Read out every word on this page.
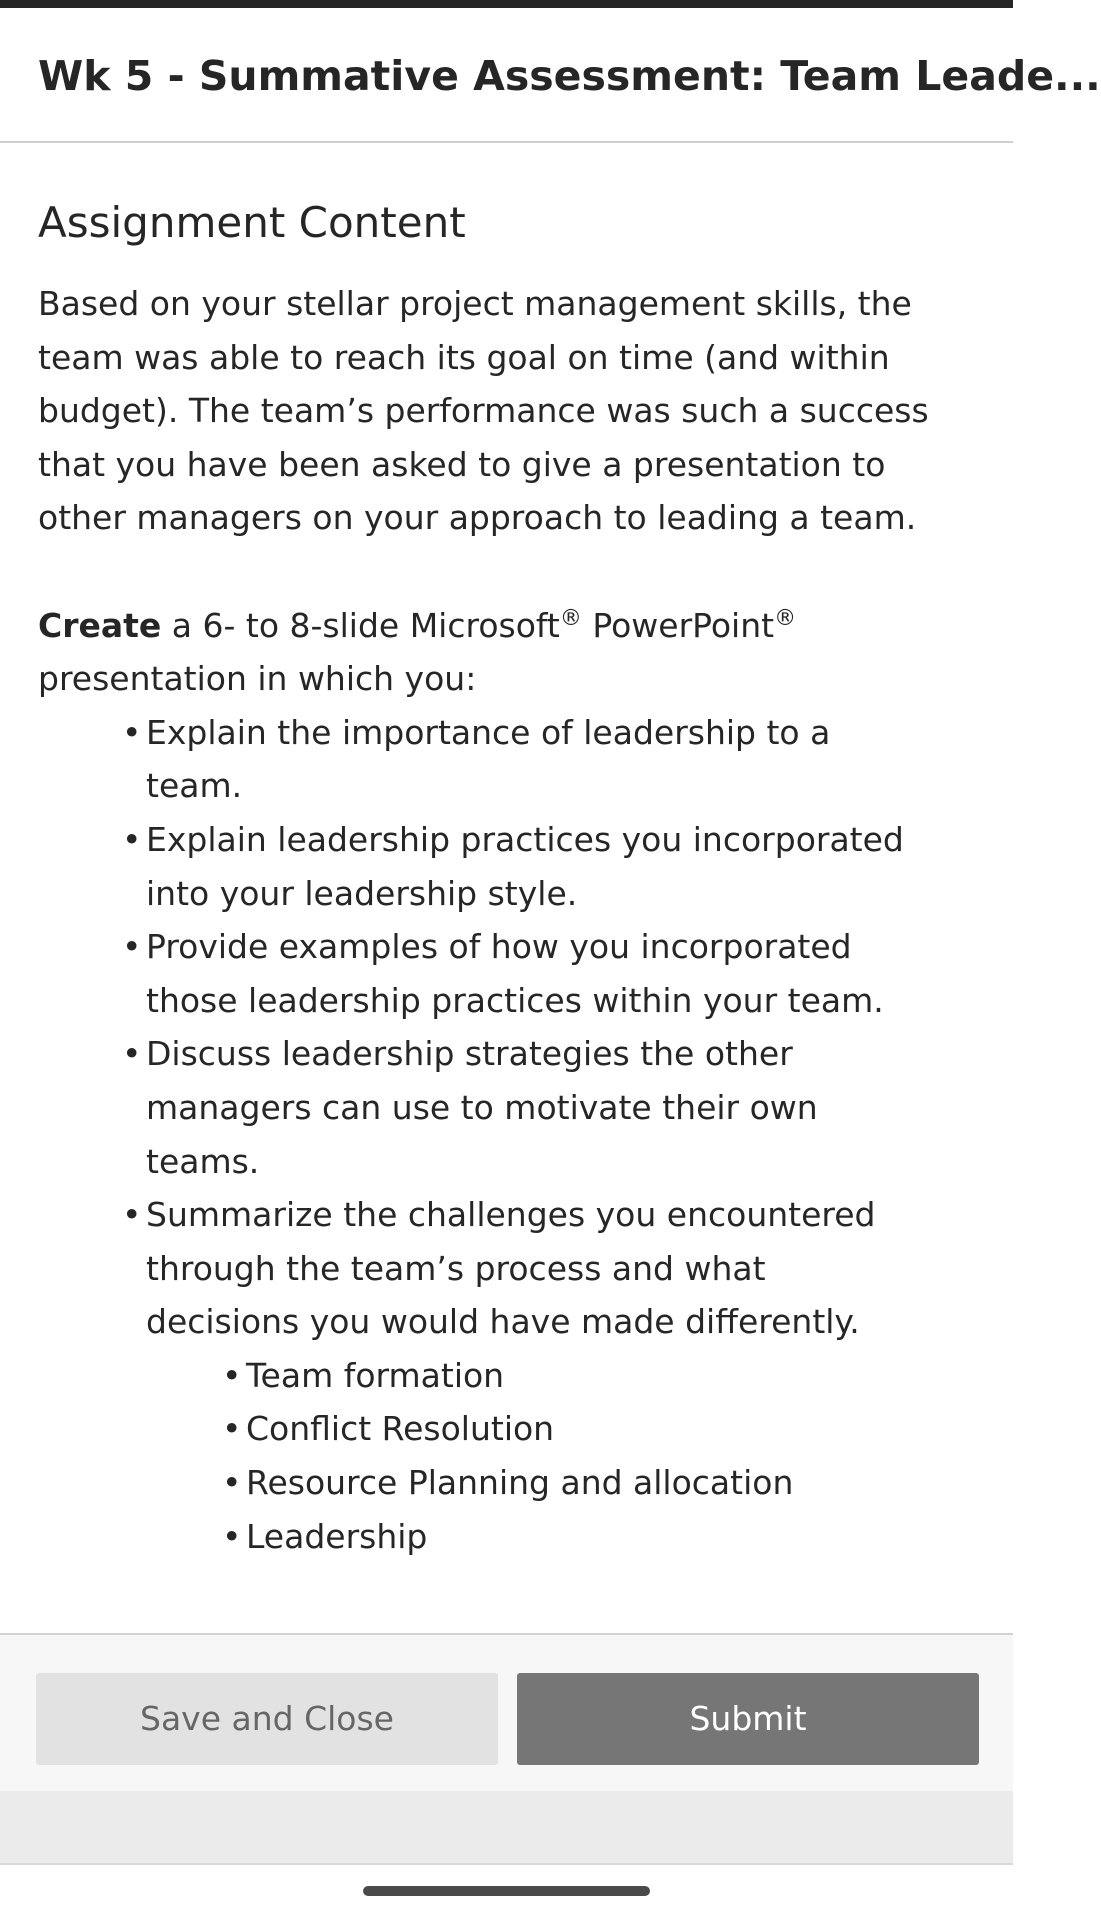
Wk 5 - Summative Assessment: Team Leade...
Assignment Content

Based on your stellar project management skills, the team was able to reach its goal on time (and within budget). The team’s performance was such a success that you have been asked to give a presentation to other managers on your approach to leading a team.

Create a 6- to 8-slide Microsoft® PowerPoint® presentation in which you:

• Explain the importance of leadership to a team.
• Explain leadership practices you incorporated into your leadership style.
• Provide examples of how you incorporated those leadership practices within your team.
• Discuss leadership strategies the other managers can use to motivate their own teams.
• Summarize the challenges you encountered through the team’s process and what decisions you would have made differently.
• Team formation
• Conflict Resolution
• Resource Planning and allocation
• Leadership
Save and Close	Submit
